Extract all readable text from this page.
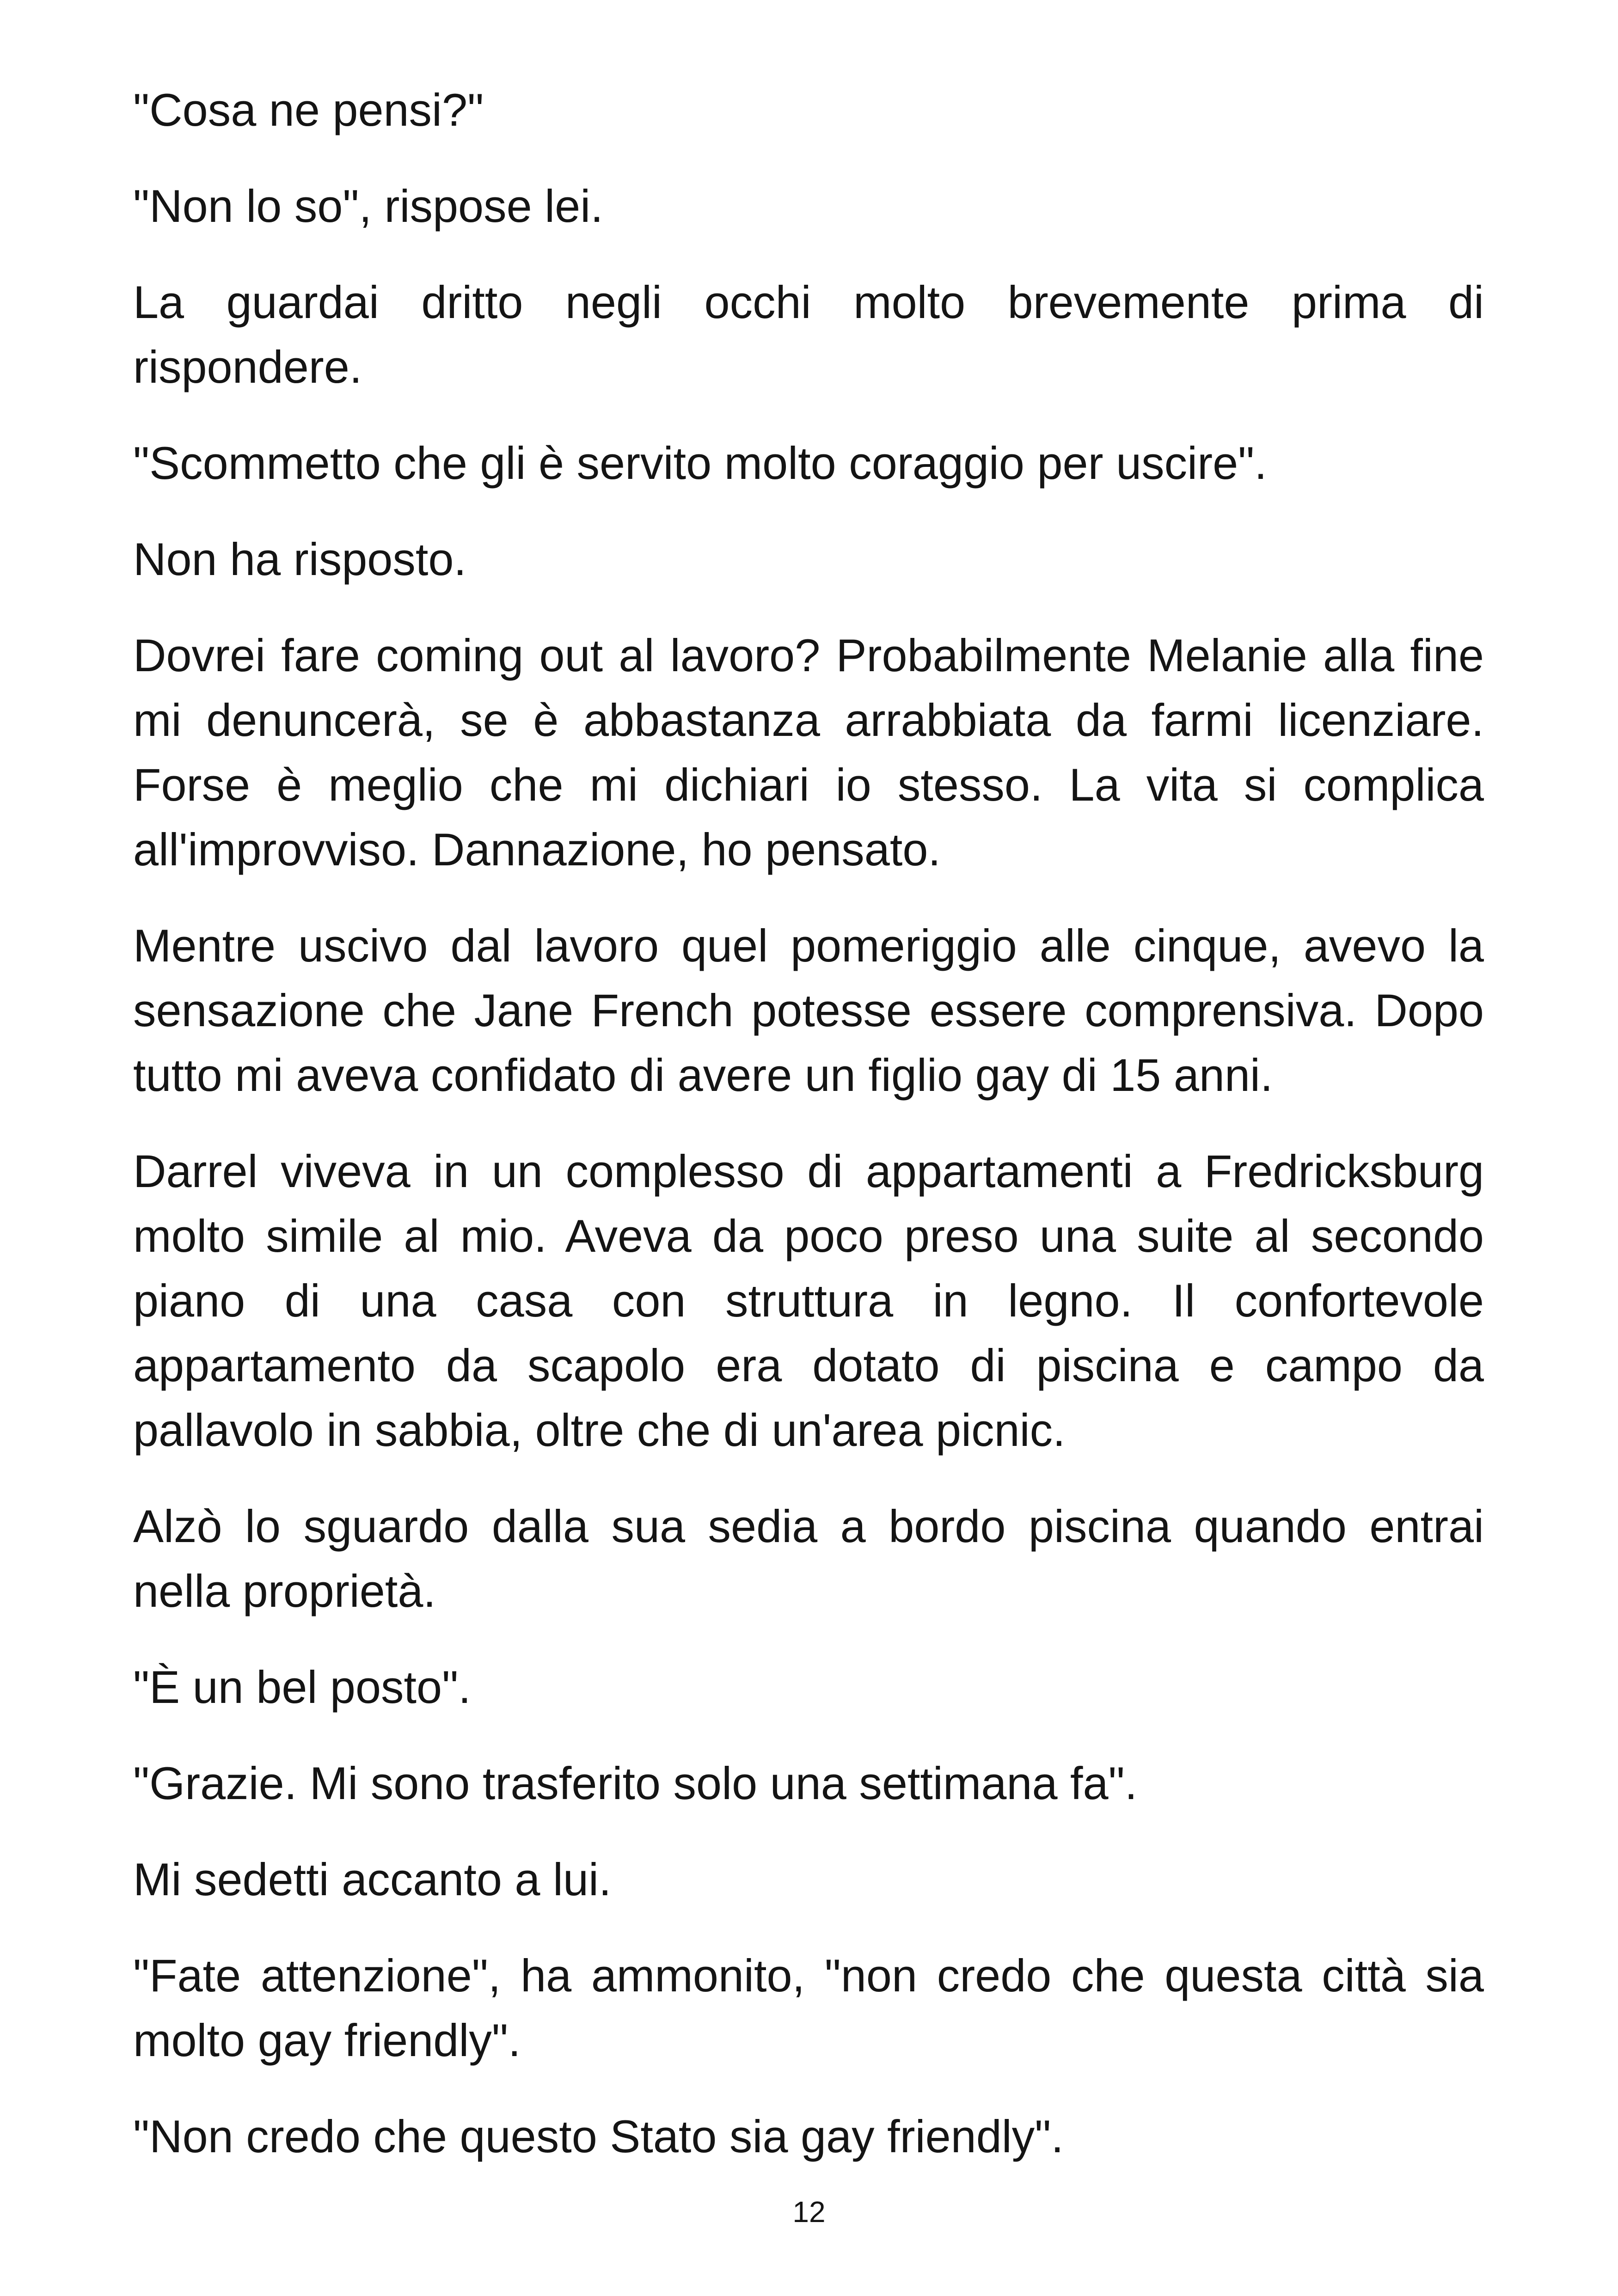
"Cosa ne pensi?"

"Non lo so", rispose lei.

La guardai dritto negli occhi molto brevemente prima di rispondere.

"Scommetto che gli è servito molto coraggio per uscire".

Non ha risposto.

Dovrei fare coming out al lavoro? Probabilmente Melanie alla fine mi denuncerà, se è abbastanza arrabbiata da farmi licenziare. Forse è meglio che mi dichiari io stesso. La vita si complica all'improvviso. Dannazione, ho pensato.

Mentre uscivo dal lavoro quel pomeriggio alle cinque, avevo la sensazione che Jane French potesse essere comprensiva. Dopo tutto mi aveva confidato di avere un figlio gay di 15 anni.

Darrel viveva in un complesso di appartamenti a Fredricksburg molto simile al mio. Aveva da poco preso una suite al secondo piano di una casa con struttura in legno. Il confortevole appartamento da scapolo era dotato di piscina e campo da pallavolo in sabbia, oltre che di un'area picnic.

Alzò lo sguardo dalla sua sedia a bordo piscina quando entrai nella proprietà.

"È un bel posto".

"Grazie. Mi sono trasferito solo una settimana fa".

Mi sedetti accanto a lui.

"Fate attenzione", ha ammonito, "non credo che questa città sia molto gay friendly".

"Non credo che questo Stato sia gay friendly".

12
